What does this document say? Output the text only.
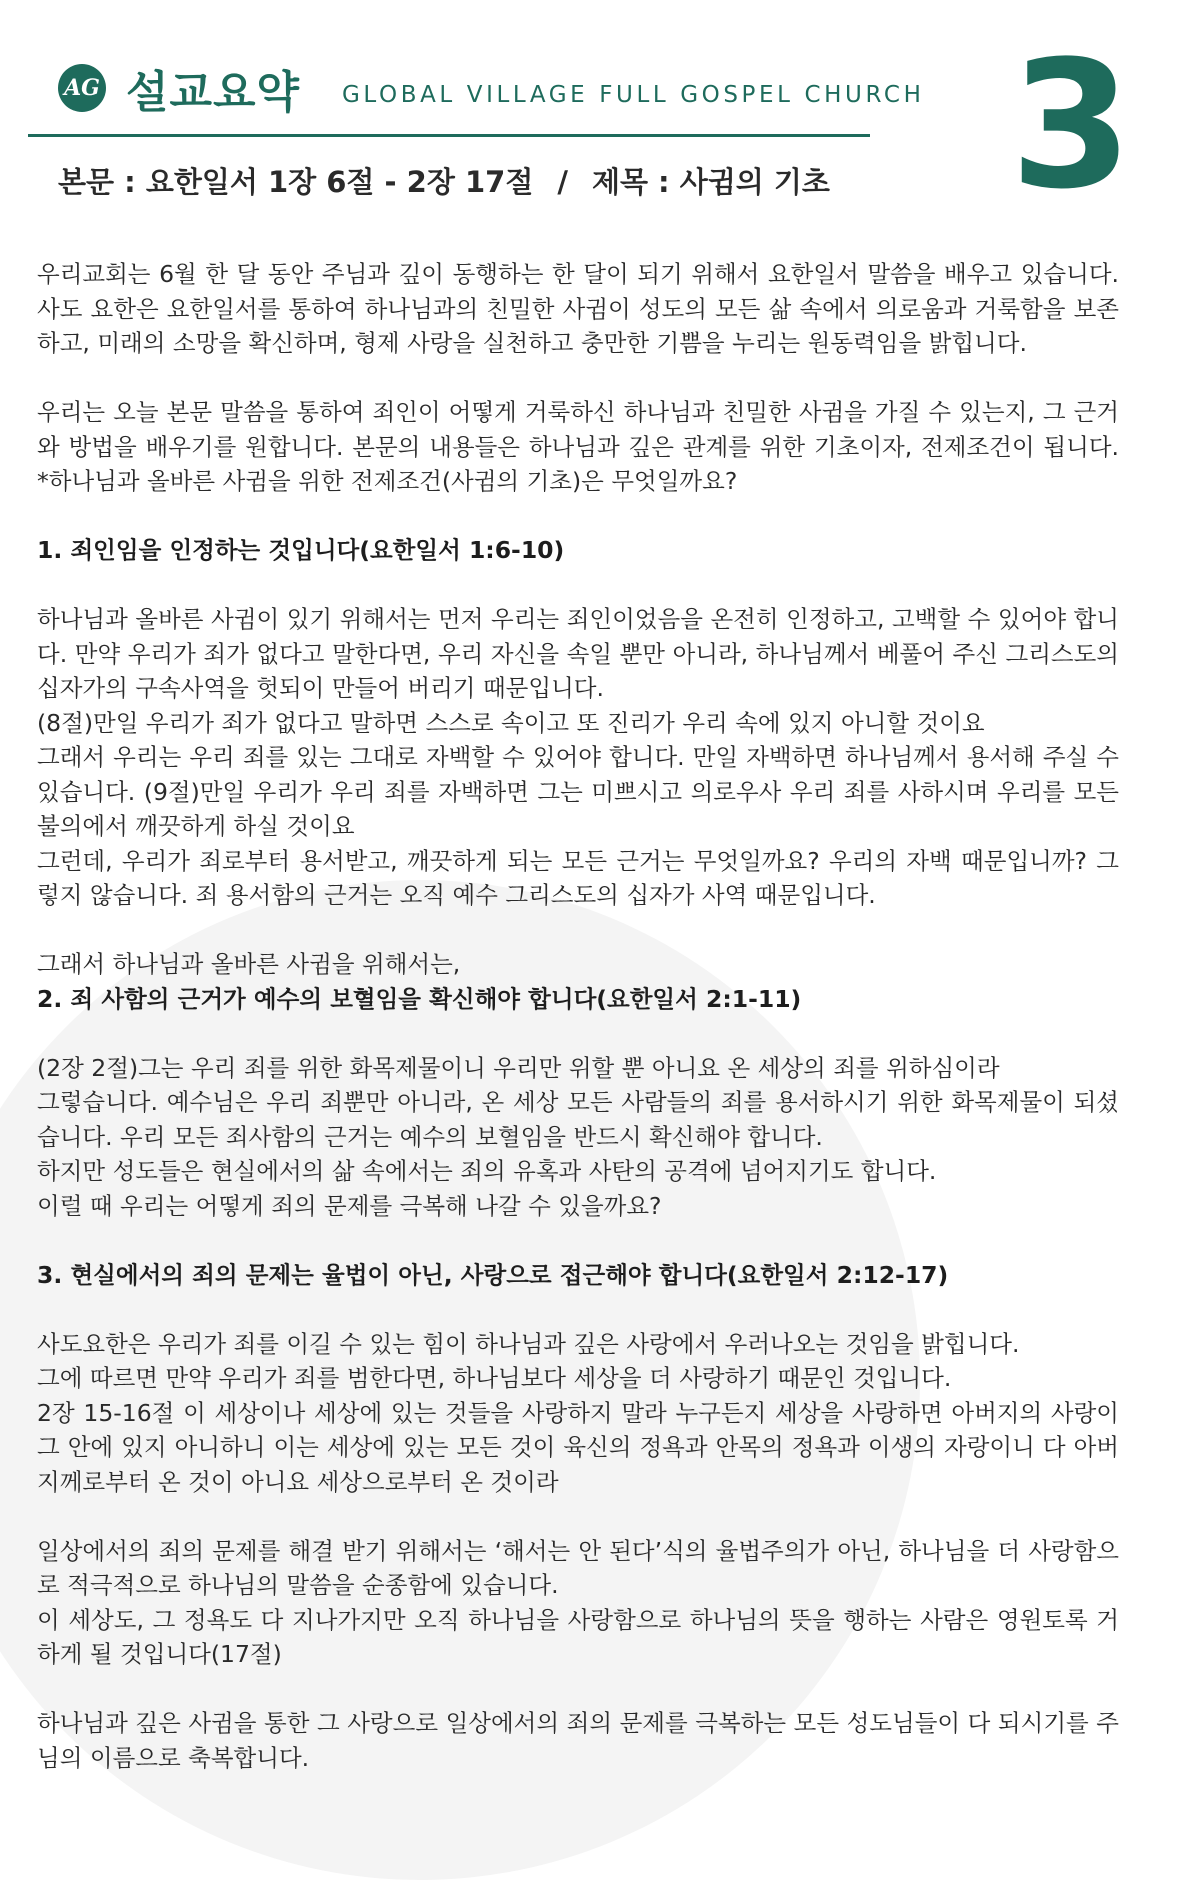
AG 설교요약 GLOBAL VILLAGE FULL GOSPEL CHURCH 3
본문 : 요한일서 1장 6절 - 2장 17절 / 제목 : 사귐의 기초

우리교회는 6월 한 달 동안 주님과 깊이 동행하는 한 달이 되기 위해서 요한일서 말씀을 배우고 있습니다. 사도 요한은 요한일서를 통하여 하나님과의 친밀한 사귐이 성도의 모든 삶 속에서 의로움과 거룩함을 보존하고, 미래의 소망을 확신하며, 형제 사랑을 실천하고 충만한 기쁨을 누리는 원동력임을 밝힙니다.

우리는 오늘 본문 말씀을 통하여 죄인이 어떻게 거룩하신 하나님과 친밀한 사귐을 가질 수 있는지, 그 근거와 방법을 배우기를 원합니다. 본문의 내용들은 하나님과 깊은 관계를 위한 기초이자, 전제조건이 됩니다. *하나님과 올바른 사귐을 위한 전제조건(사귐의 기초)은 무엇일까요?

1. 죄인임을 인정하는 것입니다(요한일서 1:6-10)

하나님과 올바른 사귐이 있기 위해서는 먼저 우리는 죄인이었음을 온전히 인정하고, 고백할 수 있어야 합니다. 만약 우리가 죄가 없다고 말한다면, 우리 자신을 속일 뿐만 아니라, 하나님께서 베풀어 주신 그리스도의 십자가의 구속사역을 헛되이 만들어 버리기 때문입니다.

(8절)만일 우리가 죄가 없다고 말하면 스스로 속이고 또 진리가 우리 속에 있지 아니할 것이요

그래서 우리는 우리 죄를 있는 그대로 자백할 수 있어야 합니다. 만일 자백하면 하나님께서 용서해 주실 수 있습니다. (9절)만일 우리가 우리 죄를 자백하면 그는 미쁘시고 의로우사 우리 죄를 사하시며 우리를 모든 불의에서 깨끗하게 하실 것이요

그런데, 우리가 죄로부터 용서받고, 깨끗하게 되는 모든 근거는 무엇일까요? 우리의 자백 때문입니까? 그렇지 않습니다. 죄 용서함의 근거는 오직 예수 그리스도의 십자가 사역 때문입니다.

그래서 하나님과 올바른 사귐을 위해서는,

2. 죄 사함의 근거가 예수의 보혈임을 확신해야 합니다(요한일서 2:1-11)

(2장 2절)그는 우리 죄를 위한 화목제물이니 우리만 위할 뿐 아니요 온 세상의 죄를 위하심이라

그렇습니다. 예수님은 우리 죄뿐만 아니라, 온 세상 모든 사람들의 죄를 용서하시기 위한 화목제물이 되셨습니다. 우리 모든 죄사함의 근거는 예수의 보혈임을 반드시 확신해야 합니다.

하지만 성도들은 현실에서의 삶 속에서는 죄의 유혹과 사탄의 공격에 넘어지기도 합니다.

이럴 때 우리는 어떻게 죄의 문제를 극복해 나갈 수 있을까요?

3. 현실에서의 죄의 문제는 율법이 아닌, 사랑으로 접근해야 합니다(요한일서 2:12-17)

사도요한은 우리가 죄를 이길 수 있는 힘이 하나님과 깊은 사랑에서 우러나오는 것임을 밝힙니다.

그에 따르면 만약 우리가 죄를 범한다면, 하나님보다 세상을 더 사랑하기 때문인 것입니다.

2장 15-16절 이 세상이나 세상에 있는 것들을 사랑하지 말라 누구든지 세상을 사랑하면 아버지의 사랑이 그 안에 있지 아니하니 이는 세상에 있는 모든 것이 육신의 정욕과 안목의 정욕과 이생의 자랑이니 다 아버지께로부터 온 것이 아니요 세상으로부터 온 것이라

일상에서의 죄의 문제를 해결 받기 위해서는 ‘해서는 안 된다’식의 율법주의가 아닌, 하나님을 더 사랑함으로 적극적으로 하나님의 말씀을 순종함에 있습니다.

이 세상도, 그 정욕도 다 지나가지만 오직 하나님을 사랑함으로 하나님의 뜻을 행하는 사람은 영원토록 거하게 될 것입니다(17절)

하나님과 깊은 사귐을 통한 그 사랑으로 일상에서의 죄의 문제를 극복하는 모든 성도님들이 다 되시기를 주님의 이름으로 축복합니다.
